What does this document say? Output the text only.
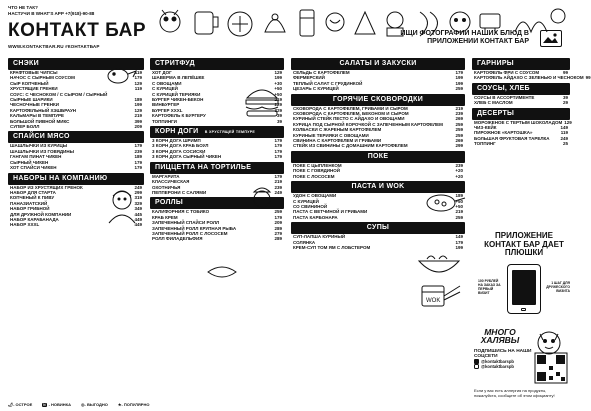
ЧТО НЕ ТАК?
НАСТУЧИ В WHAT'S APP +7(918)-90-88
КОНТАКТ БАР
WWW.KONTAKTBAR.RU #КОНТАКТБАР
ИЩИ ФОТОГРАФИИ НАШИХ БЛЮД В ПРИЛОЖЕНИИ КОНТАКТ БАР
СНЭКИ
КРАФТОВЫЕ ЧИПСЫ	119
НАЧОС С СЫРНЫМ СОУСОМ	179
СЫР КОПЧЕНЫЙ	129
ХРУСТЯЩИЕ ГРЕНКИ	119
СОУС: С ЧЕСНОКОМ / С СЫРОМ / СЫРНЫЙ
СЫРНЫЕ ШАРИКИ	189
ЧЕСНОЧНЫЕ ГРЕНКИ	199
КАРТОФЕЛЬНЫЙ ХЭШБРАУН	129
КАЛЬМАРЫ В ТЕМПУРЕ	219
БОЛЬШОЙ ПИВНОЙ МИКС	399
СУПЕР БОЛЛ	209
СПАЙСИ МЯСО
ШАШЛЫЧКИ ИЗ КУРИЦЫ	179
ШАШЛЫЧКИ ИЗ ГОВЯДИНЫ	239
ГАНГАМ ПИНАТ ЧИКЕН	189
СЫРНЫЙ ЧИКЕН	179
ХОТ СПАЙСИ ЧИКЕН	179
НАБОРЫ НА КОМПАНИЮ
НАБОР ИЗ ХРУСТЯЩИХ ГРЕНОК	249
НАБОР ДЛЯ СТАРТА	299
КОПЧЕНЫЙ К ПИВУ	319
ПАНАЗИАТСКИЙ	329
НАБОР ГРИБНОЙ	349
ДЛЯ ДРУЖНОЙ КОМПАНИИ	445
НАБОР КАРАБАНАДА	449
НАБОР XXXL	449
СТРИТФУД
ХОТ ДОГ	129
ШАВЕРМА В ЛЕПЁШКЕ	199
С ОВОЩАМИ	+30
С КУРИЦЕЙ	+50
С КУРИЦЕЙ ТЕРИЯКИ	+50
БУРГЕР ЧИКЕН-БЕКОН	219
ВИНБУРГЕР	229
БУРГЕР XXXL	329
КАРТОФЕЛЬ К БУРГЕРУ	39
ТОППИНГИ	39
КОРН ДОГИ В ХРУСТЯЩЕЙ ТЕМПУРЕ
3 КОРН ДОГА ШРИМП	179
3 КОРН ДОГА КРАБ БОУЛ	179
3 КОРН ДОГА СОСИСКИ	179
3 КОРН ДОГА СЫРНЫЙ ЧИКЕН	179
ПИЦЦЕТТА НА ТОРТИЛЬЕ
МАРГАРИТА	179
КЛАССИЧЕСКАЯ	219
ОХОТНИЧЬЯ	239
ПЕППЕРОНИ С САЛЯМИ	249
РОЛЛЫ
КАЛИФОРНИЯ С ТОБИКО	259
КРАБ КРЕМ	179
ЗАПЕЧЕННЫЙ СПАЙСИ РОЛЛ	209
ЗАПЕЧЕННЫЙ РОЛЛ КРУПНАЯ РЫБА	289
ЗАПЕЧЕННЫЙ РОЛЛ С ЛОСОСЕМ	279
РОЛЛ ФИЛАДЕЛЬФИЯ	289
САЛАТЫ И ЗАКУСКИ
СЕЛЬДЬ С КАРТОФЕЛЕМ	179
ФЕРМЕРСКИЙ	199
ТЕПЛЫЙ САЛАТ С ГРУДИНКОЙ	199
ЦЕЗАРЬ С КУРИЦЕЙ	259
ГОРЯЧИЕ СКОВОРОДКИ
СКОВОРОДА С КАРТОФЕЛЕМ, ГРИБАМИ И СЫРОМ	219
СКОВОРОДА С КАРТОФЕЛЕМ, БЕКОНОМ И СЫРОМ	239
КУРИНЫЙ СТЕЙК ПЕСТО С АЙДАХО И ОВОЩАМИ	269
КУРИЦА ПОД СЫРНОЙ КОРОЧКОЙ С ЗАПЕЧЕННЫМ КАРТОФЕЛЕМ	259
КОЛБАСКИ С ЖАРЕНЫМ КАРТОФЕЛЕМ	259
КУРИНЫЕ ТЕРИЯКИ С ОВОЩАМИ	259
СВИНИНА С КАРТОФЕЛЕМ И ГРИБАМИ	269
СТЕЙК ИЗ СВИНИНЫ С ДОМАШНИМ КАРТОФЕЛЕМ	299
ПОКЕ
ПОКЕ С ЦЫПЛЕНКОМ	239
ПОКЕ С ГОВЯДИНОЙ	+20
ПОКЕ С ЛОСОСЕМ	+20
ПАСТА И WOK
УДОН С ОВОЩАМИ	189
С КУРИЦЕЙ	+50
СО СВИНИНОЙ	+50
ПАСТА С ВЕТЧИНОЙ И ГРИБАМИ	219
ПАСТА КАРБОНАРА	259
СУПЫ
СУП-ЛАПША КУРИНЫЙ	149
СОЛЯНКА	179
КРЕМ-СУП ТОМ ЯМ С ЛОБСТЕРОМ	199
ГАРНИРЫ
КАРТОФЕЛЬ ФРИ С СОУСОМ	99
КАРТОФЕЛЬ АЙДАХО С ЗЕЛЕНЬЮ И ЧЕСНОКОМ 99
СОУСЫ, ХЛЕБ
СОУСЫ В АССОРТИМЕНТЕ	39
ХЛЕБ С МАСЛОМ	29
ДЕСЕРТЫ
МОРОЖЕНОЕ С ТЕРТЫМ ШОКОЛАДОМ 129
ЧИЗ-КЕЙК	149
ПИРОЖНОЕ «КАРТОШКА»	119
БОЛЬШАЯ ФРУКТОВАЯ ТАРЕЛКА	249
ТОППИНГ	25
ПРИЛОЖЕНИЕ КОНТАКТ БАР ДАЕТ ПЛЮШКИ
100 РУБЛЕЙ НА ЗАКАЗ ЗА ПЕРВЫЙ ВИЗИТ
1 ШАГ ДЛЯ ДРУЖЕСКОГО ВИЗИТА
МНОГО ХАЛЯВЫ
ПОДПИШИСЬ НА НАШИ СОЦСЕТИ
@kontaktbarspb
@kontaktbarspb
Если у вас есть аллергия на продукты, пожалуйста, сообщите об этом официанту!
WOK
🌶- ОСТРОЕ	N - НОВИНКА	◎- ВЫГОДНО	★- ПОПУЛЯРНО
